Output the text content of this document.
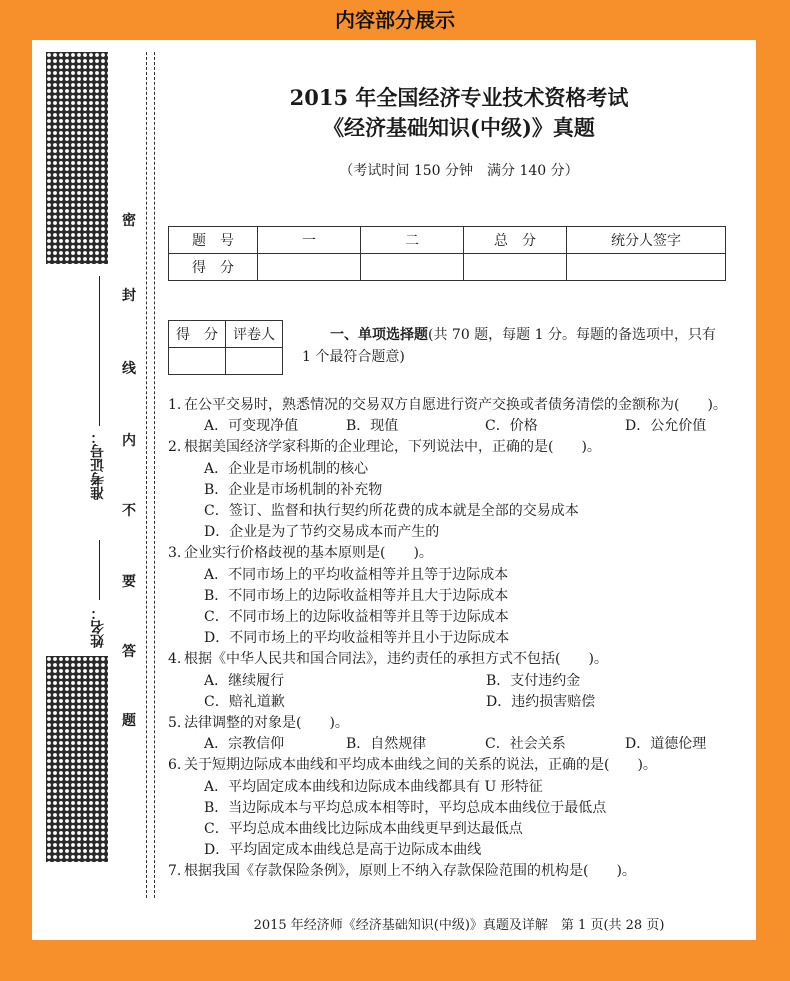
内容部分展示
密
封
线
内
不
要
答
题
准考证号：
姓名：
2015 年全国经济专业技术资格考试
《经济基础知识(中级)》真题
（考试时间 150 分钟　满分 140 分）
题　号	一	二	总　分	统分人签字
得　分				
得　分	评卷人
		一、单项选择题(共 70 题，每题 1 分。每题的备选项中，只有 1 个最符合题意)
1. 在公平交易时，熟悉情况的交易双方自愿进行资产交换或者债务清偿的金额称为(　　)。
A．可变现净值	B．现值	C．价格	D．公允价值
2. 根据美国经济学家科斯的企业理论，下列说法中，正确的是(　　)。
A．企业是市场机制的核心
B．企业是市场机制的补充物
C．签订、监督和执行契约所花费的成本就是全部的交易成本
D．企业是为了节约交易成本而产生的
3. 企业实行价格歧视的基本原则是(　　)。
A．不同市场上的平均收益相等并且等于边际成本
B．不同市场上的边际收益相等并且大于边际成本
C．不同市场上的边际收益相等并且等于边际成本
D．不同市场上的平均收益相等并且小于边际成本
4. 根据《中华人民共和国合同法》，违约责任的承担方式不包括(　　)。
A．继续履行	B．支付违约金
C．赔礼道歉	D．违约损害赔偿
5. 法律调整的对象是(　　)。
A．宗教信仰	B．自然规律	C．社会关系	D．道德伦理
6. 关于短期边际成本曲线和平均成本曲线之间的关系的说法，正确的是(　　)。
A．平均固定成本曲线和边际成本曲线都具有 U 形特征
B．当边际成本与平均总成本相等时，平均总成本曲线位于最低点
C．平均总成本曲线比边际成本曲线更早到达最低点
D．平均固定成本曲线总是高于边际成本曲线
7. 根据我国《存款保险条例》，原则上不纳入存款保险范围的机构是(　　)。
2015 年经济师《经济基础知识(中级)》真题及详解　第 1 页(共 28 页)
